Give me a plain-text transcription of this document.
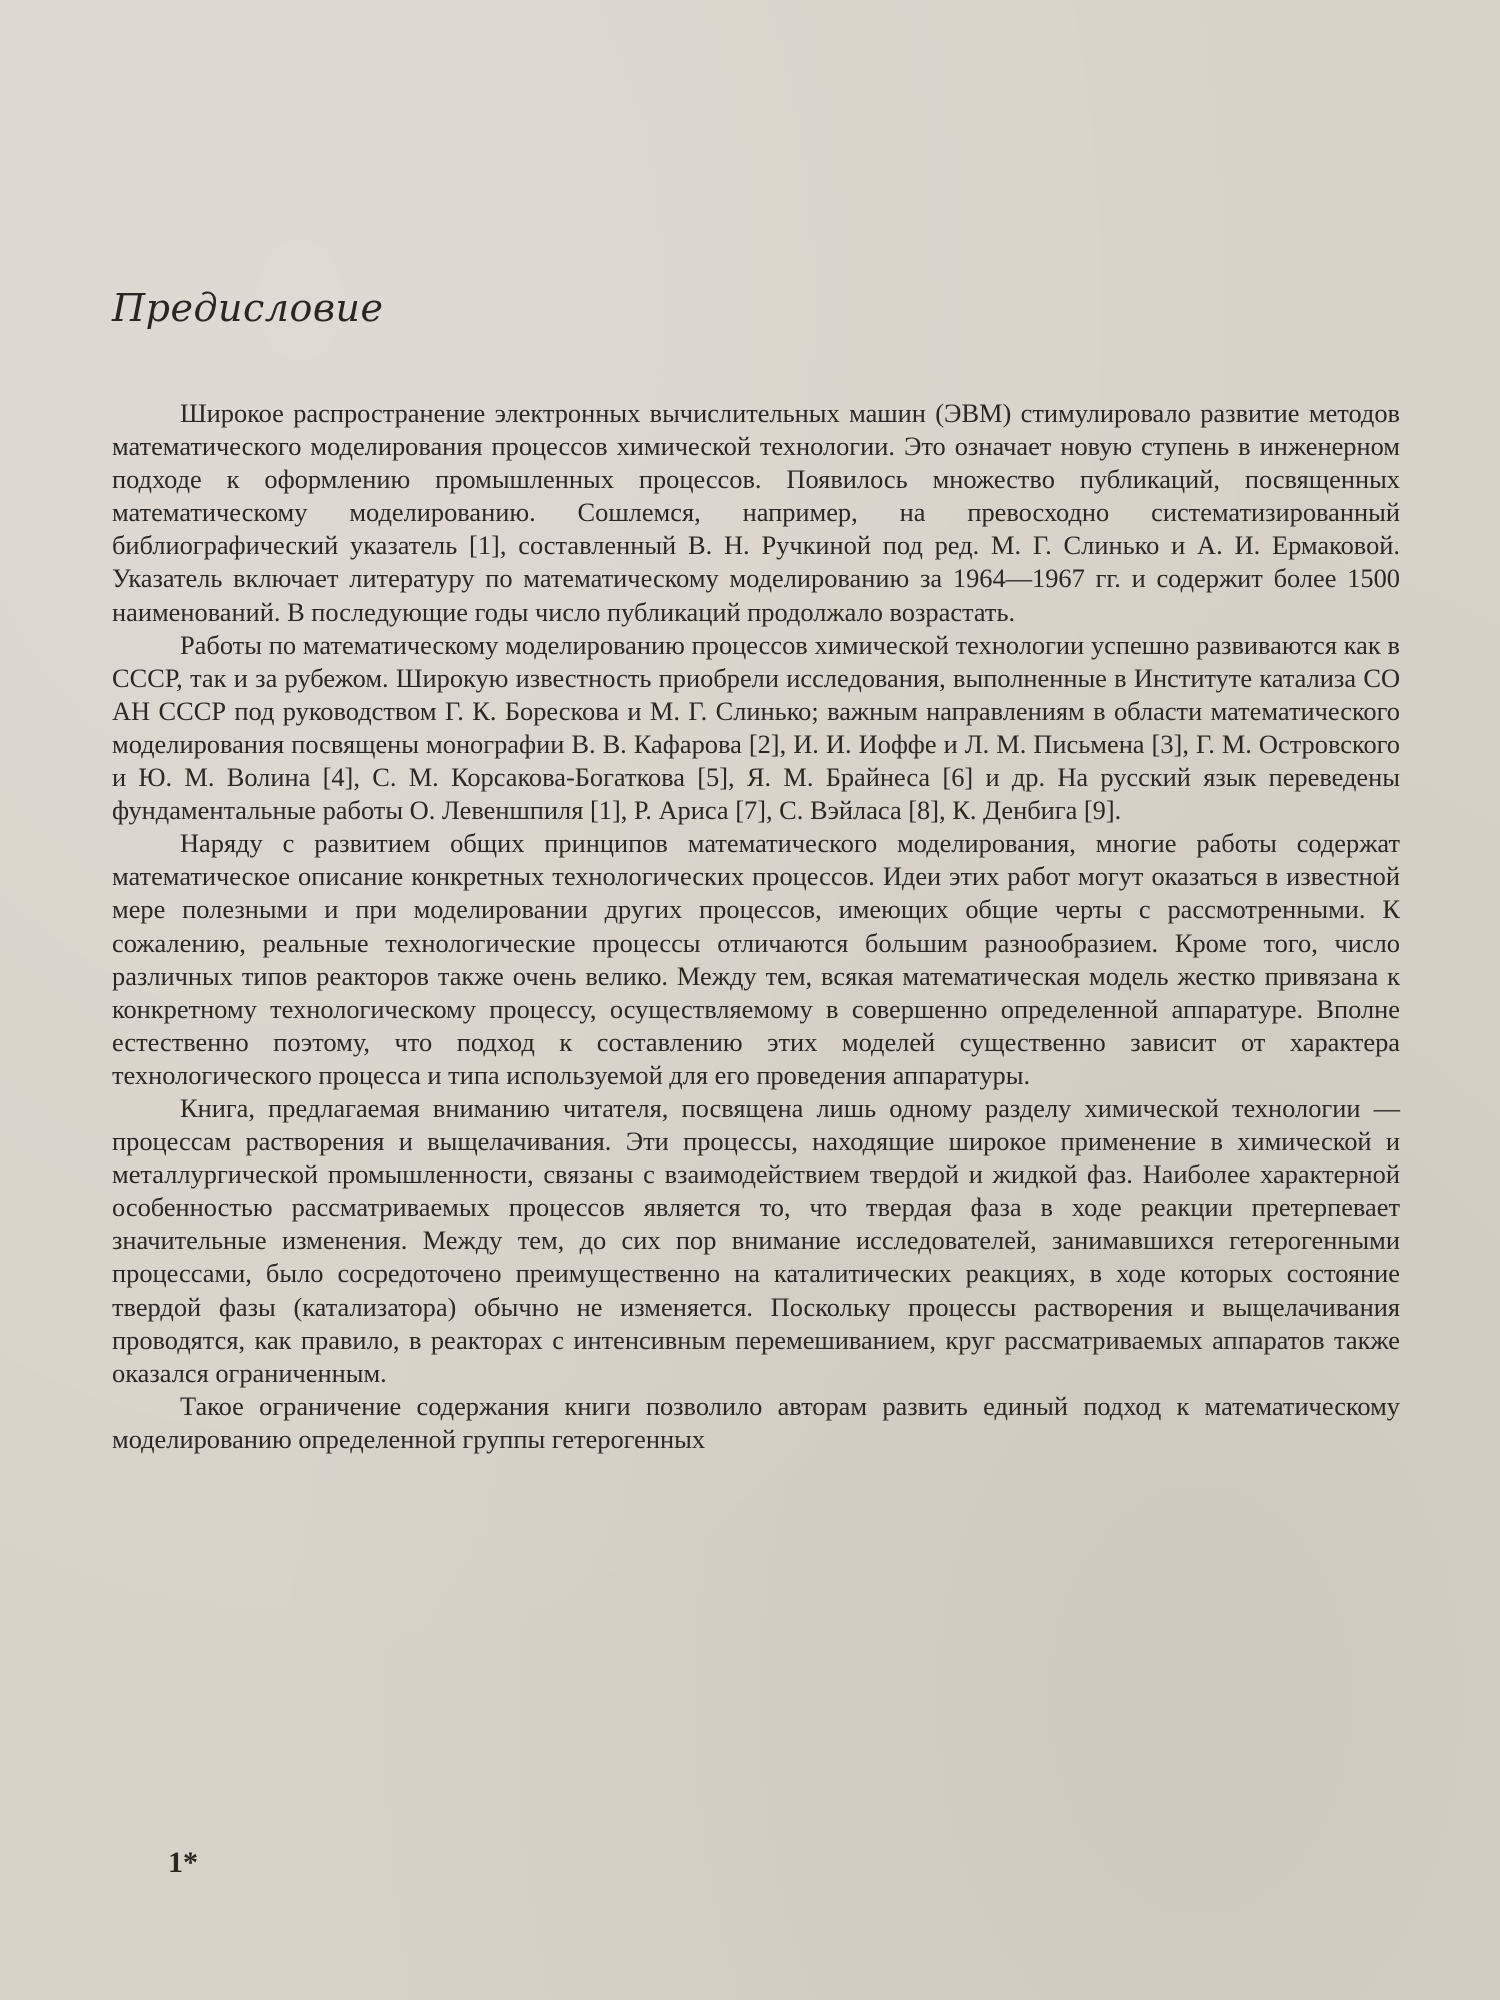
Предисловие

Широкое распространение электронных вычислительных машин (ЭВМ) стимулировало развитие методов математического моделирования процессов химической технологии. Это означает новую ступень в инженерном подходе к оформлению промышленных процессов. Появилось множество публикаций, посвященных математическому моделированию. Сошлемся, например, на превосходно систематизированный библиографический указатель [1], составленный В. Н. Ручкиной под ред. М. Г. Слинько и А. И. Ермаковой. Указатель включает литературу по математическому моделированию за 1964—1967 гг. и содержит более 1500 наименований. В последующие годы число публикаций продолжало возрастать.

Работы по математическому моделированию процессов химической технологии успешно развиваются как в СССР, так и за рубежом. Широкую известность приобрели исследования, выполненные в Институте катализа СО АН СССР под руководством Г. К. Борескова и М. Г. Слинько; важным направлениям в области математического моделирования посвящены монографии В. В. Кафарова [2], И. И. Иоффе и Л. М. Письмена [3], Г. М. Островского и Ю. М. Волина [4], С. М. Корсакова-Богаткова [5], Я. М. Брайнеса [6] и др. На русский язык переведены фундаментальные работы О. Левеншпиля [1], Р. Ариса [7], С. Вэйласа [8], К. Денбига [9].

Наряду с развитием общих принципов математического моделирования, многие работы содержат математическое описание конкретных технологических процессов. Идеи этих работ могут оказаться в известной мере полезными и при моделировании других процессов, имеющих общие черты с рассмотренными. К сожалению, реальные технологические процессы отличаются большим разнообразием. Кроме того, число различных типов реакторов также очень велико. Между тем, всякая математическая модель жестко привязана к конкретному технологическому процессу, осуществляемому в совершенно определенной аппаратуре. Вполне естественно поэтому, что подход к составлению этих моделей существенно зависит от характера технологического процесса и типа используемой для его проведения аппаратуры.

Книга, предлагаемая вниманию читателя, посвящена лишь одному разделу химической технологии — процессам растворения и выщелачивания. Эти процессы, находящие широкое применение в химической и металлургической промышленности, связаны с взаимодействием твердой и жидкой фаз. Наиболее характерной особенностью рассматриваемых процессов является то, что твердая фаза в ходе реакции претерпевает значительные изменения. Между тем, до сих пор внимание исследователей, занимавшихся гетерогенными процессами, было сосредоточено преимущественно на каталитических реакциях, в ходе которых состояние твердой фазы (катализатора) обычно не изменяется. Поскольку процессы растворения и выщелачивания проводятся, как правило, в реакторах с интенсивным перемешиванием, круг рассматриваемых аппаратов также оказался ограниченным.

Такое ограничение содержания книги позволило авторам развить единый подход к математическому моделированию определенной группы гетерогенных

1*
